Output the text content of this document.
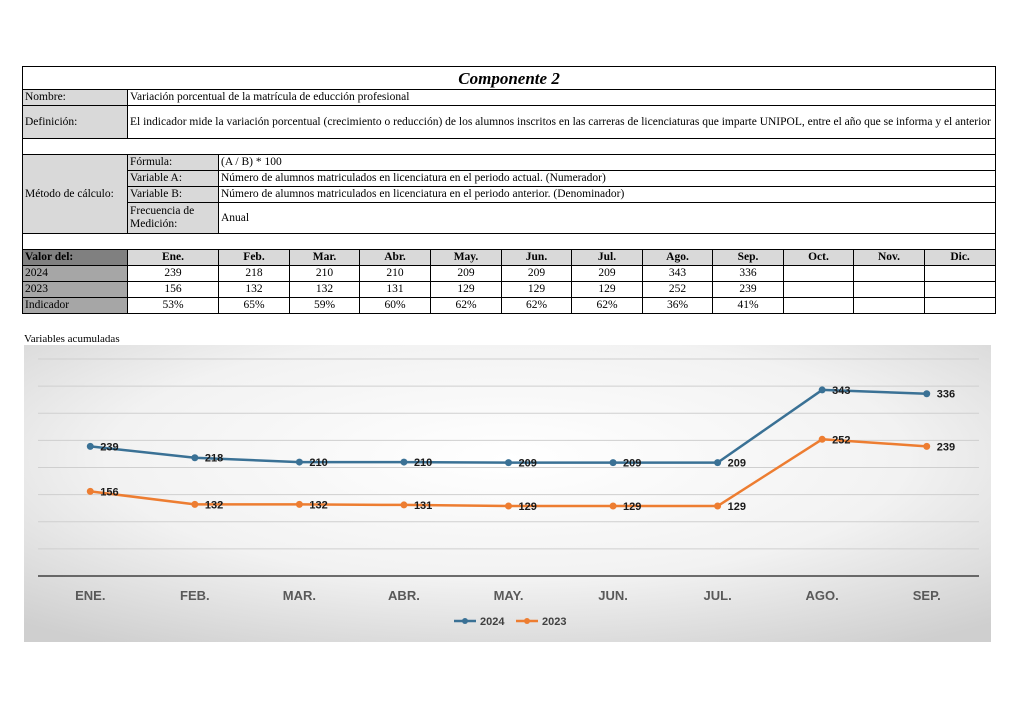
Componente 2												
Nombre:	Variación porcentual de la matrícula de educción profesional											
Definición:	El indicador mide la variación porcentual (crecimiento o reducción) de los alumnos inscritos en las carreras de licenciaturas que imparte UNIPOL, entre el año que se informa y el anterior											

Método de cálculo:	Fórmula:	(A / B) * 100										
	Variable A:	Número de alumnos matriculados en licenciatura en el periodo actual. (Numerador)										
	Variable B:	Número de alumnos matriculados en licenciatura en el periodo anterior. (Denominador)										
	Frecuencia de Medición:	Anual										

Valor del:	Ene.	Feb.	Mar.	Abr.	May.	Jun.	Jul.	Ago.	Sep.	Oct.	Nov.	Dic.
2024	239	218	210	210	209	209	209	343	336			
2023	156	132	132	131	129	129	129	252	239			
Indicador	53%	65%	59%	60%	62%	62%	62%	36%	41%			
Variables acumuladas
239
218	210	210	209	209	209
343	336
156
132	132	131	129	129	129
252
239
ENE.	FEB.	MAR.	ABR.	MAY.	JUN.	JUL.	AGO.	SEP.
2024	2023
